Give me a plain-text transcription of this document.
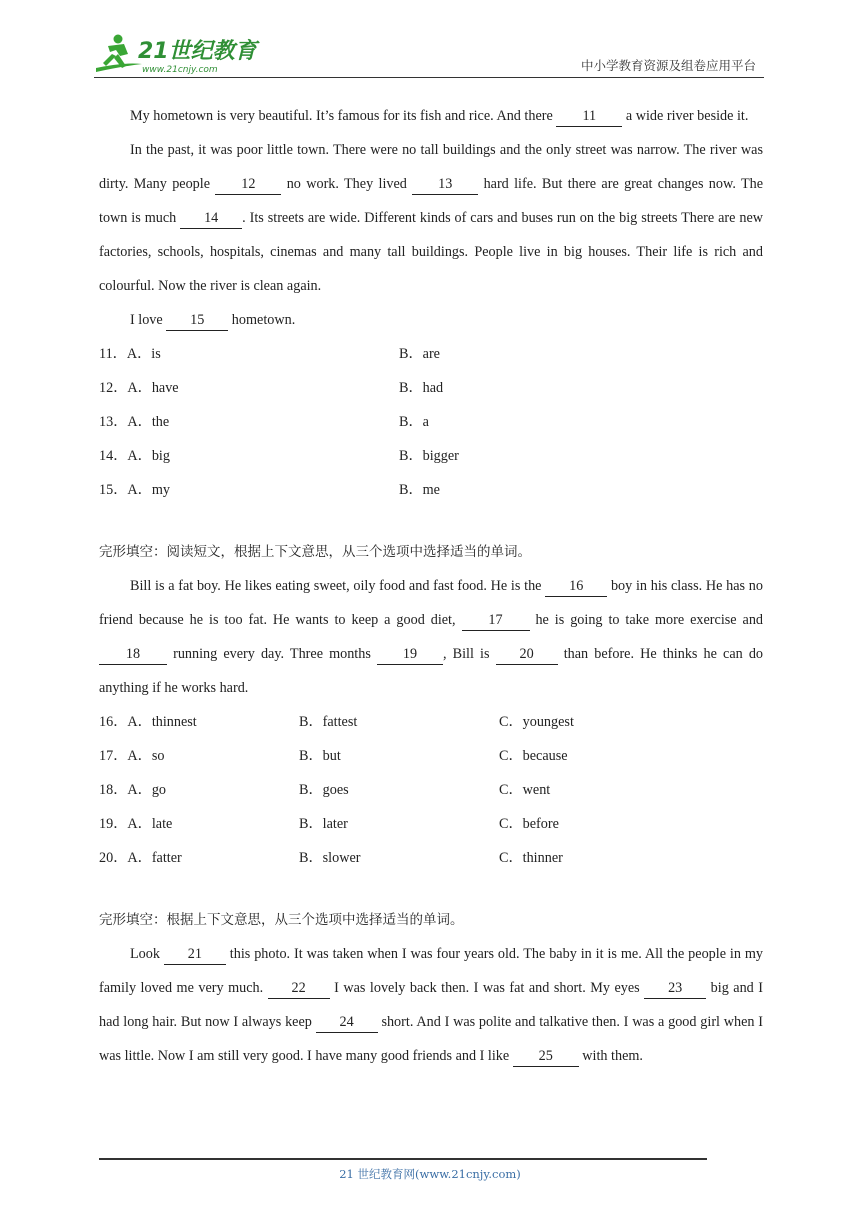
21世纪教育
www.21cnjy.com	中小学教育资源及组卷应用平台

My hometown is very beautiful. It’s famous for its fish and rice. And there 11 a wide river beside it.

In the past, it was poor little town. There were no tall buildings and the only street was narrow. The river was dirty. Many people 12 no work. They lived 13 hard life. But there are great changes now. The town is much 14 . Its streets are wide. Different kinds of cars and buses run on the big streets There are new factories, schools, hospitals, cinemas and many tall buildings. People live in big houses. Their life is rich and colourful. Now the river is clean again.

I love 15 hometown.

11．A．is	B．are
12．A．have	B．had
13．A．the	B．a
14．A．big	B．bigger
15．A．my	B．me

完形填空：阅读短文，根据上下文意思，从三个选项中选择适当的单词。

Bill is a fat boy. He likes eating sweet, oily food and fast food. He is the 16 boy in his class. He has no friend because he is too fat. He wants to keep a good diet, 17 he is going to take more exercise and 18 running every day. Three months 19 , Bill is 20 than before. He thinks he can do anything if he works hard.

16．A．thinnest	B．fattest	C．youngest
17．A．so	B．but	C．because
18．A．go	B．goes	C．went
19．A．late	B．later	C．before
20．A．fatter	B．slower	C．thinner

完形填空：根据上下文意思，从三个选项中选择适当的单词。

Look 21 this photo. It was taken when I was four years old. The baby in it is me. All the people in my family loved me very much. 22 I was lovely back then. I was fat and short. My eyes 23 big and I had long hair. But now I always keep 24 short. And I was polite and talkative then. I was a good girl when I was little. Now I am still very good. I have many good friends and I like 25 with them.

21 世纪教育网(www.21cnjy.com)
